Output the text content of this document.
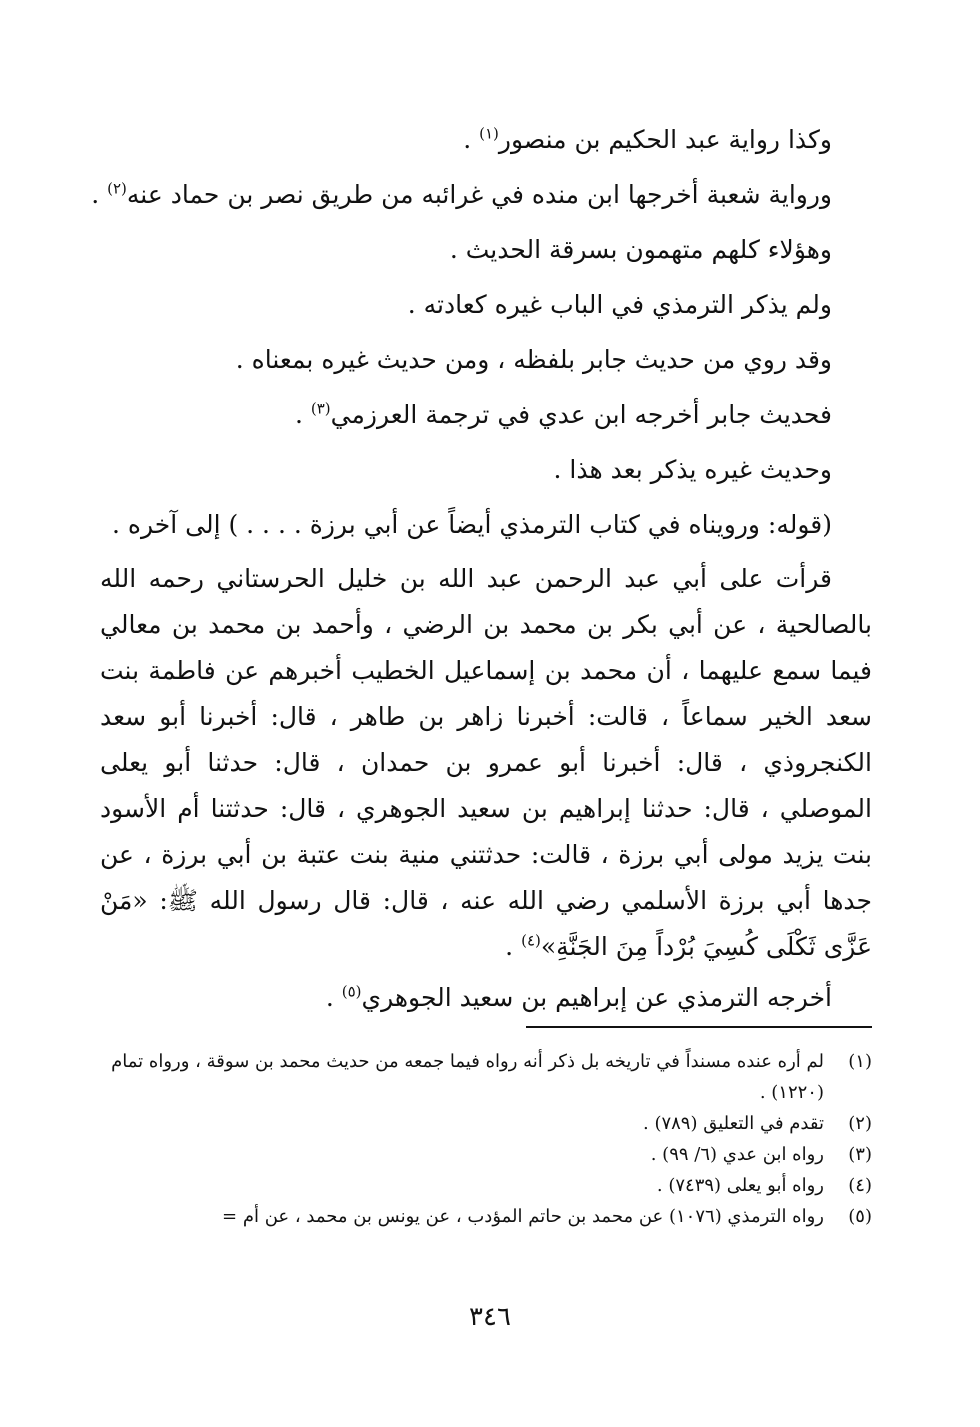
وكذا رواية عبد الحكيم بن منصور$^{(١)}$ .

ورواية شعبة أخرجها ابن منده في غرائبه من طريق نصر بن حماد عنه$^{(٢)}$ .

وهؤلاء كلهم متهمون بسرقة الحديث .

ولم يذكر الترمذي في الباب غيره كعادته .

وقد روي من حديث جابر بلفظه ، ومن حديث غيره بمعناه .

فحديث جابر أخرجه ابن عدي في ترجمة العرزمي$^{(٣)}$ .

وحديث غيره يذكر بعد هذا .

(قوله: ورويناه في كتاب الترمذي أيضاً عن أبي برزة . . . . ) إلى آخره .

قرأت على أبي عبد الرحمن عبد الله بن خليل الحرستاني رحمه الله بالصالحية ، عن أبي بكر بن محمد بن الرضي ، وأحمد بن محمد بن معالي فيما سمع عليهما ، أن محمد بن إسماعيل الخطيب أخبرهم عن فاطمة بنت سعد الخير سماعاً ، قالت: أخبرنا زاهر بن طاهر ، قال: أخبرنا أبو سعد الكنجروذي ، قال: أخبرنا أبو عمرو بن حمدان ، قال: حدثنا أبو يعلى الموصلي ، قال: حدثنا إبراهيم بن سعيد الجوهري ، قال: حدثتنا أم الأسود بنت يزيد مولى أبي برزة ، قالت: حدثتني منية بنت عتبة بن أبي برزة ، عن جدها أبي برزة الأسلمي رضي الله عنه ، قال: قال رسول الله ﷺ: «مَنْ عَزَّى ثَكْلَى كُسِيَ بُرْداً مِنَ الجَنَّةِ»$^{(٤)}$ .

أخرجه الترمذي عن إبراهيم بن سعيد الجوهري$^{(٥)}$ .

(١)
لم أره عنده مسنداً في تاريخه بل ذكر أنه رواه فيما جمعه من حديث محمد بن سوقة ، ورواه تمام (١٢٢٠) .
(٢)
تقدم في التعليق (٧٨٩) .
(٣)
رواه ابن عدي (٦/ ٩٩) .
(٤)
رواه أبو يعلى (٧٤٣٩) .
(٥)
رواه الترمذي (١٠٧٦) عن محمد بن حاتم المؤدب ، عن يونس بن محمد ، عن أم =
٣٤٦
